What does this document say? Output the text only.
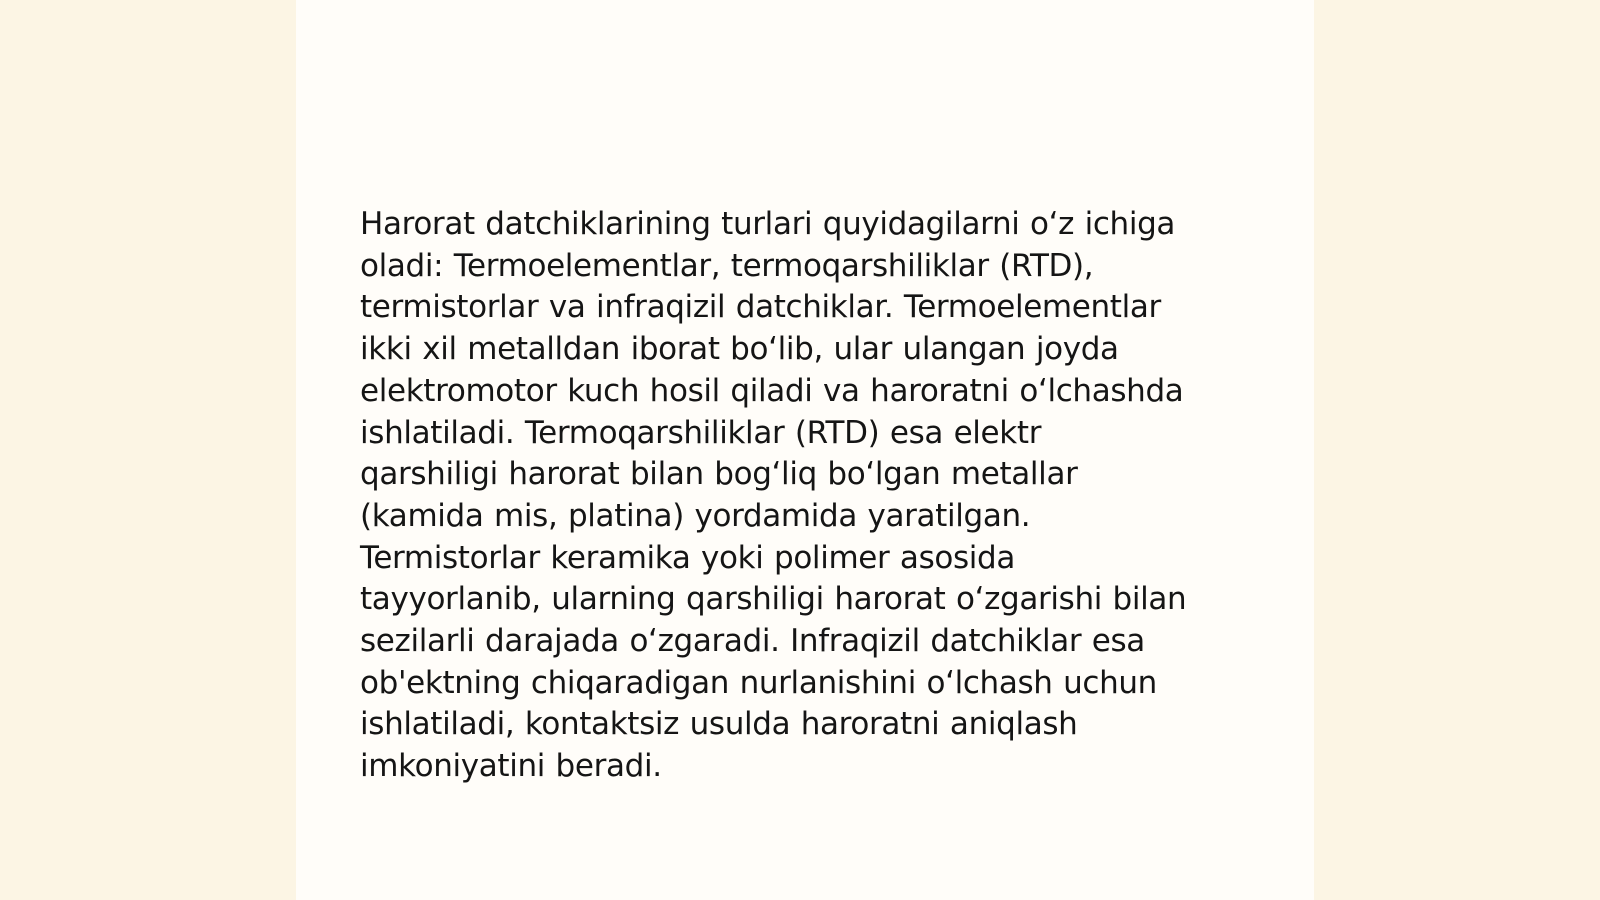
Harorat datchiklarining turlari quyidagilarni oʻz ichiga
oladi: Termoelementlar, termoqarshiliklar (RTD),
termistorlar va infraqizil datchiklar. Termoelementlar
ikki xil metalldan iborat boʻlib, ular ulangan joyda
elektromotor kuch hosil qiladi va haroratni oʻlchashda
ishlatiladi. Termoqarshiliklar (RTD) esa elektr
qarshiligi harorat bilan bogʻliq boʻlgan metallar
(kamida mis, platina) yordamida yaratilgan.
Termistorlar keramika yoki polimer asosida
tayyorlanib, ularning qarshiligi harorat oʻzgarishi bilan
sezilarli darajada oʻzgaradi. Infraqizil datchiklar esa
ob'ektning chiqaradigan nurlanishini oʻlchash uchun
ishlatiladi, kontaktsiz usulda haroratni aniqlash
imkoniyatini beradi.
